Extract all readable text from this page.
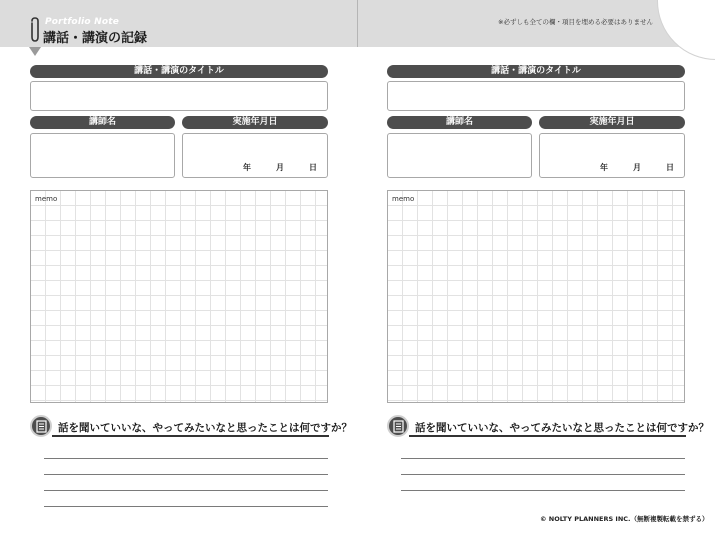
Portfolio Note
講話・講演の記録
※必ずしも全ての欄・項目を埋める必要はありません
講話・講演のタイトル
講師名	実施年月日
年	月	日
memo
話を聞いていいな、やってみたいなと思ったことは何ですか？
講話・講演のタイトル
講師名	実施年月日
年	月	日
memo
話を聞いていいな、やってみたいなと思ったことは何ですか？
© NOLTY PLANNERS INC.（無断複製転載を禁ずる）
